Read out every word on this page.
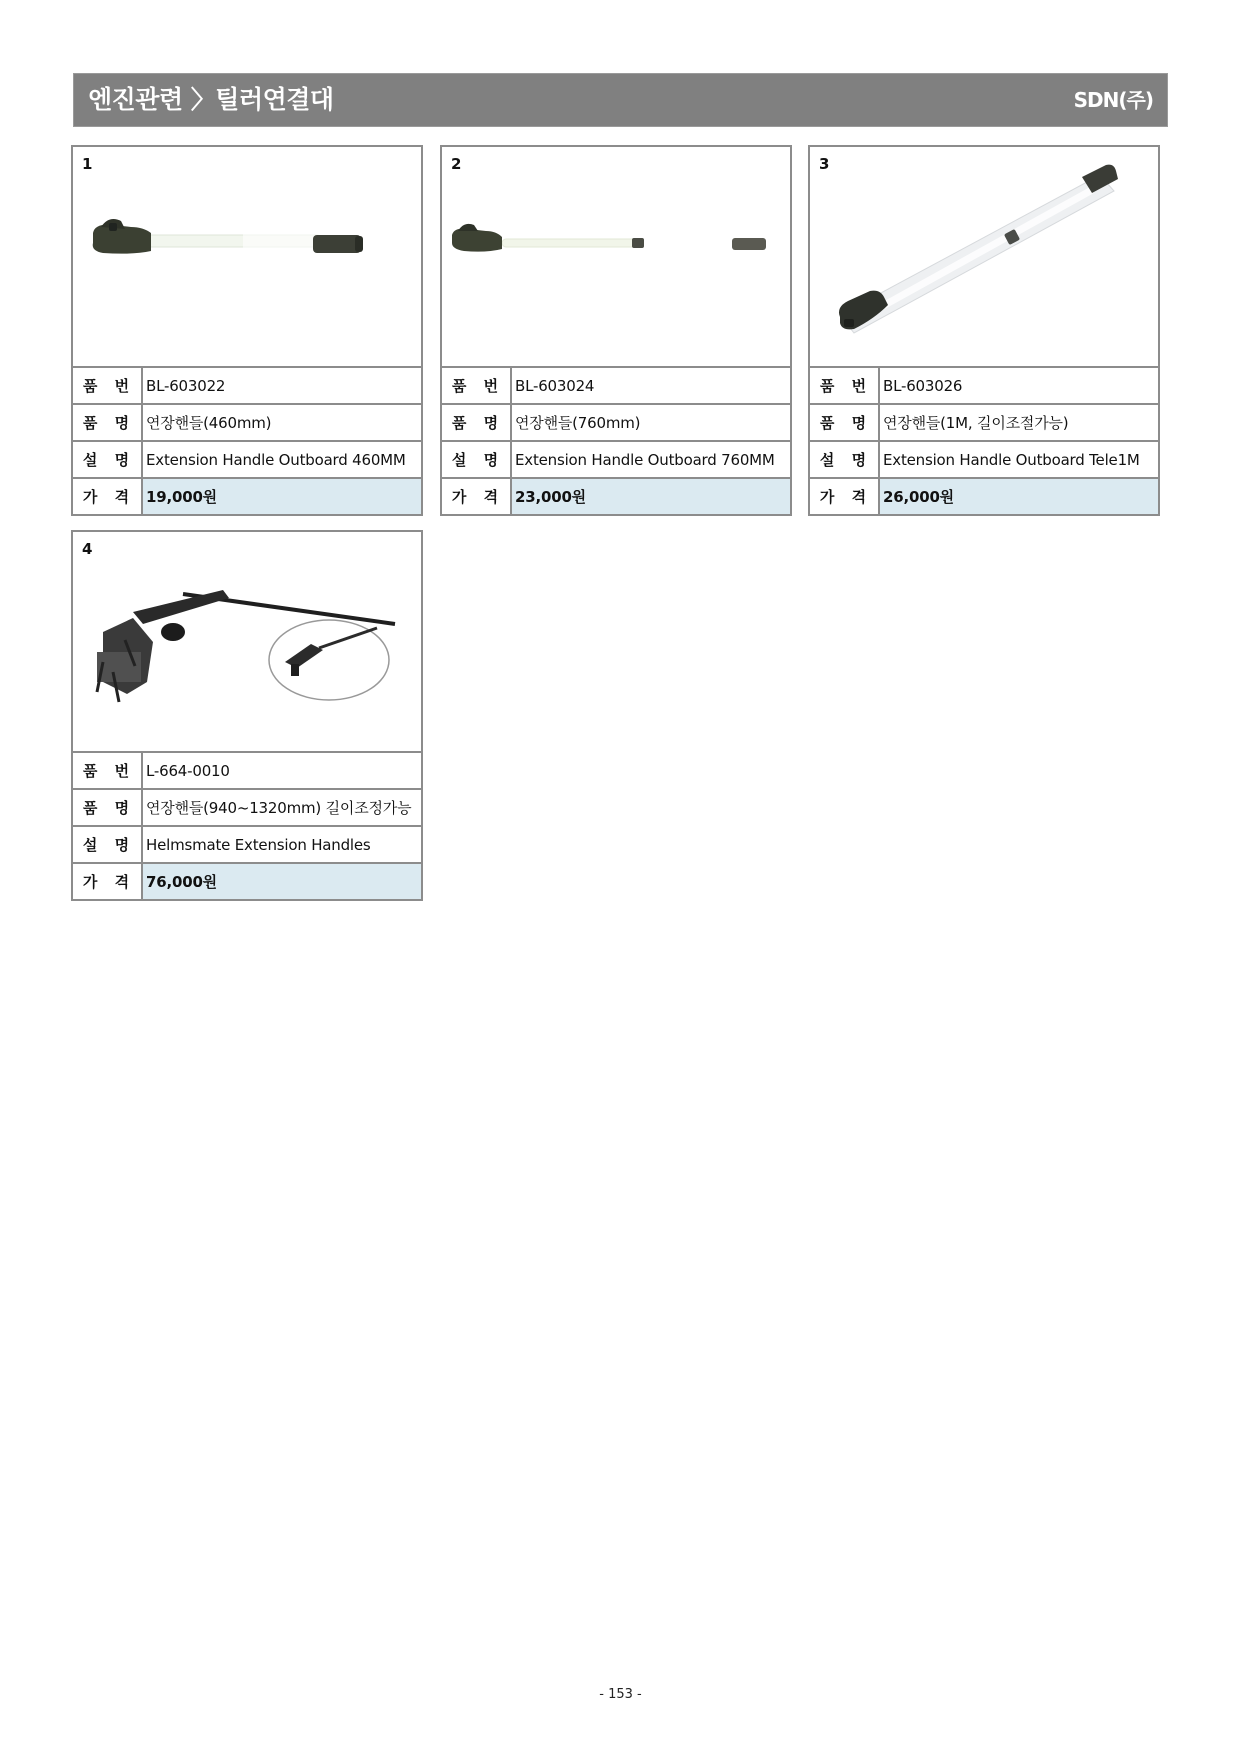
엔진관련 〉틸러연결대	SDN(주)
1
품 번	BL-603022
품 명	연장핸들(460mm)
설 명	Extension Handle Outboard 460MM
가 격	19,000원
2
품 번	BL-603024
품 명	연장핸들(760mm)
설 명	Extension Handle Outboard 760MM
가 격	23,000원
3
품 번	BL-603026
품 명	연장핸들(1M, 길이조절가능)
설 명	Extension Handle Outboard Tele1M
가 격	26,000원
4
품 번	L-664-0010
품 명	연장핸들(940~1320mm) 길이조정가능
설 명	Helmsmate Extension Handles
가 격	76,000원
- 153 -
